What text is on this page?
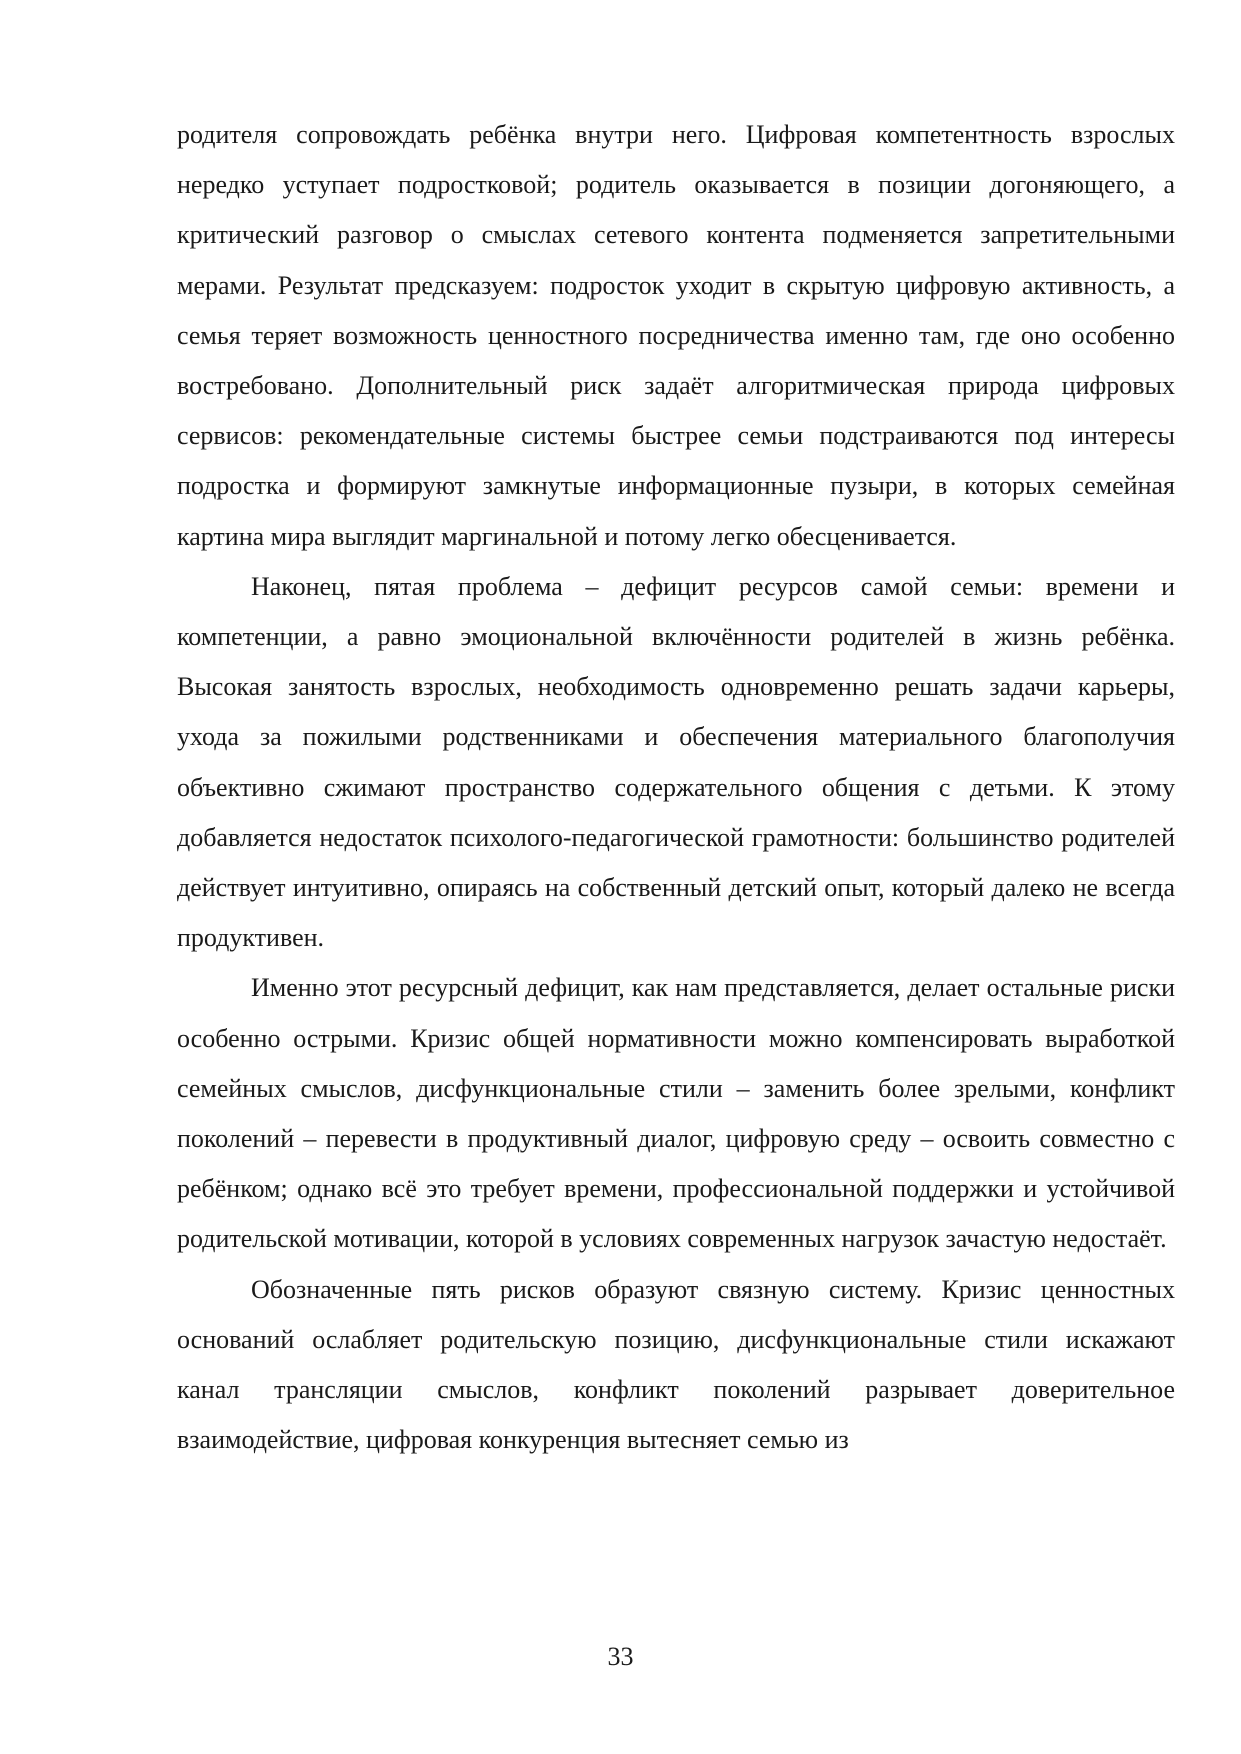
родителя сопровождать ребёнка внутри него. Цифровая компетентность взрослых нередко уступает подростковой; родитель оказывается в позиции догоняющего, а критический разговор о смыслах сетевого контента подменяется запретительными мерами. Результат предсказуем: подросток уходит в скрытую цифровую активность, а семья теряет возможность ценностного посредничества именно там, где оно особенно востребовано. Дополнительный риск задаёт алгоритмическая природа цифровых сервисов: рекомендательные системы быстрее семьи подстраиваются под интересы подростка и формируют замкнутые информационные пузыри, в которых семейная картина мира выглядит маргинальной и потому легко обесценивается.

Наконец, пятая проблема – дефицит ресурсов самой семьи: времени и компетенции, а равно эмоциональной включённости родителей в жизнь ребёнка. Высокая занятость взрослых, необходимость одновременно решать задачи карьеры, ухода за пожилыми родственниками и обеспечения материального благополучия объективно сжимают пространство содержательного общения с детьми. К этому добавляется недостаток психолого-педагогической грамотности: большинство родителей действует интуитивно, опираясь на собственный детский опыт, который далеко не всегда продуктивен.

Именно этот ресурсный дефицит, как нам представляется, делает остальные риски особенно острыми. Кризис общей нормативности можно компенсировать выработкой семейных смыслов, дисфункциональные стили – заменить более зрелыми, конфликт поколений – перевести в продуктивный диалог, цифровую среду – освоить совместно с ребёнком; однако всё это требует времени, профессиональной поддержки и устойчивой родительской мотивации, которой в условиях современных нагрузок зачастую недостаёт.

Обозначенные пять рисков образуют связную систему. Кризис ценностных оснований ослабляет родительскую позицию, дисфункциональные стили искажают канал трансляции смыслов, конфликт поколений разрывает доверительное взаимодействие, цифровая конкуренция вытесняет семью из

33
